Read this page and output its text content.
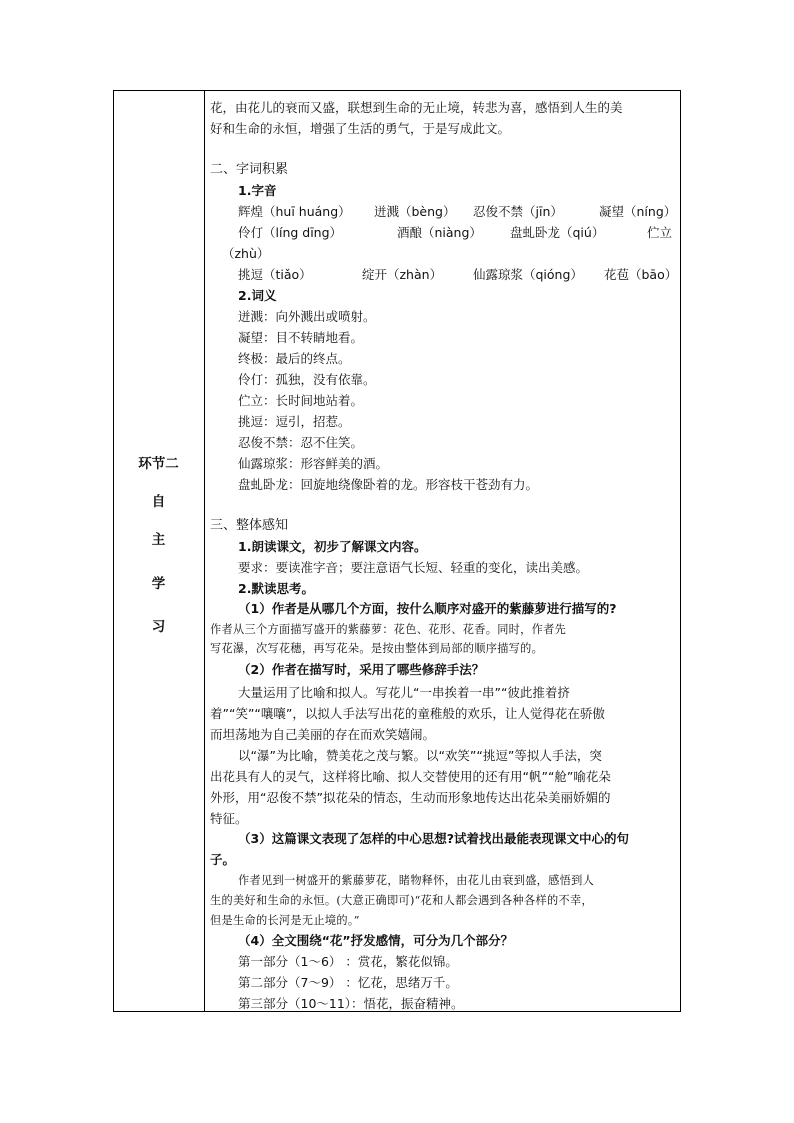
环节二
自
主
学
习
花，由花儿的衰而又盛，联想到生命的无止境，转悲为喜，感悟到人生的美
好和生命的永恒，增强了生活的勇气，于是写成此文。
二、字词积累
1.字音
辉煌（huī huáng） 迸溅（bèng） 忍俊不禁（jīn）	凝望（níng）
伶仃（líng dīng）	酒酿（niàng） 盘虬卧龙（qiú）	伫立
（zhù）
挑逗（tiǎo）	绽开（zhàn） 仙露琼浆（qióng） 花苞（bāo）
2.词义
迸溅：向外溅出或喷射。
凝望：目不转睛地看。
终极：最后的终点。
伶仃：孤独，没有依靠。
伫立：长时间地站着。
挑逗：逗引，招惹。
忍俊不禁：忍不住笑。
仙露琼浆：形容鲜美的酒。
盘虬卧龙：回旋地绕像卧着的龙。形容枝干苍劲有力。
三、整体感知
1.朗读课文，初步了解课文内容。
要求：要读准字音；要注意语气长短、轻重的变化，读出美感。
2.默读思考。
（1）作者是从哪几个方面，按什么顺序对盛开的紫藤萝进行描写的?
作者从三个方面描写盛开的紫藤萝：花色、花形、花香。同时，作者先
写花瀑，次写花穗，再写花朵。是按由整体到局部的顺序描写的。
（2）作者在描写时，采用了哪些修辞手法？
大量运用了比喻和拟人。写花儿“一串挨着一串”“彼此推着挤
着”“笑”“嚷嚷”，以拟人手法写出花的童稚般的欢乐，让人觉得花在骄傲
而坦荡地为自己美丽的存在而欢笑嬉闹。
以“瀑”为比喻，赞美花之茂与繁。以“欢笑”“挑逗”等拟人手法，突
出花具有人的灵气，这样将比喻、拟人交替使用的还有用“帆”“舱”喻花朵
外形，用“忍俊不禁”拟花朵的情态，生动而形象地传达出花朵美丽娇媚的
特征。
（3）这篇课文表现了怎样的中心思想?试着找出最能表现课文中心的句
子。
作者见到一树盛开的紫藤萝花，睹物释怀，由花儿由衰到盛，感悟到人
生的美好和生命的永恒。(大意正确即可)“花和人都会遇到各种各样的不幸，
但是生命的长河是无止境的。”
（4）全文围绕“花”抒发感情，可分为几个部分？
第一部分（1～6） ：赏花，繁花似锦。
第二部分（7～9） ：忆花，思绪万千。
第三部分（10～11）：悟花，振奋精神。
